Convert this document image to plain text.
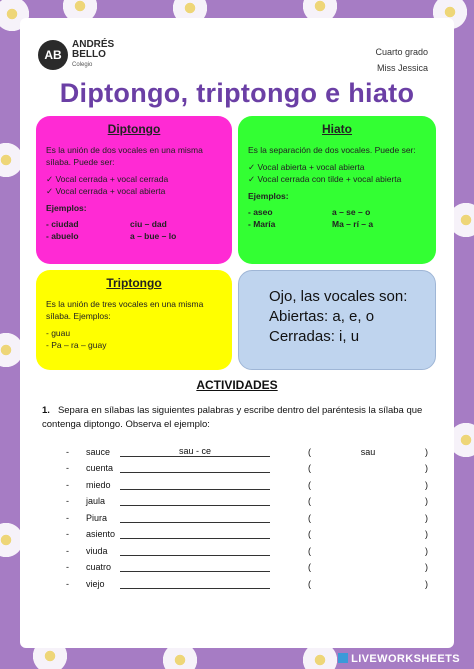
AB
ANDRÉS
BELLO
Colegio
Cuarto grado
Miss Jessica
Diptongo, triptongo e hiato
Diptongo

Es la unión de dos vocales en una misma sílaba. Puede ser:

✓ Vocal cerrada + vocal cerrada
✓ Vocal cerrada + vocal abierta
Ejemplos:
- ciudad	ciu – dad
- abuelo	a – bue – lo
Hiato

Es la separación de dos vocales. Puede ser:

✓ Vocal abierta + vocal abierta
✓ Vocal cerrada con tilde + vocal abierta
Ejemplos:
- aseo	a – se – o
- María	Ma – rí – a
Triptongo

Es la unión de tres vocales en una misma sílaba. Ejemplos:

- guau
- Pa – ra – guay
Ojo, las vocales son:
Abiertas: a, e, o
Cerradas: i, u
ACTIVIDADES
1. Separa en sílabas las siguientes palabras y escribe dentro del paréntesis la sílaba que contenga diptongo. Observa el ejemplo:
-	sauce	sau - ce	(	sau	)
-	cuenta	(	)
-	miedo	(	)
-	jaula	(	)
-	Piura	(	)
-	asiento	(	)
-	viuda	(	)
-	cuatro	(	)
-	viejo	(	)
LIVEWORKSHEETS
